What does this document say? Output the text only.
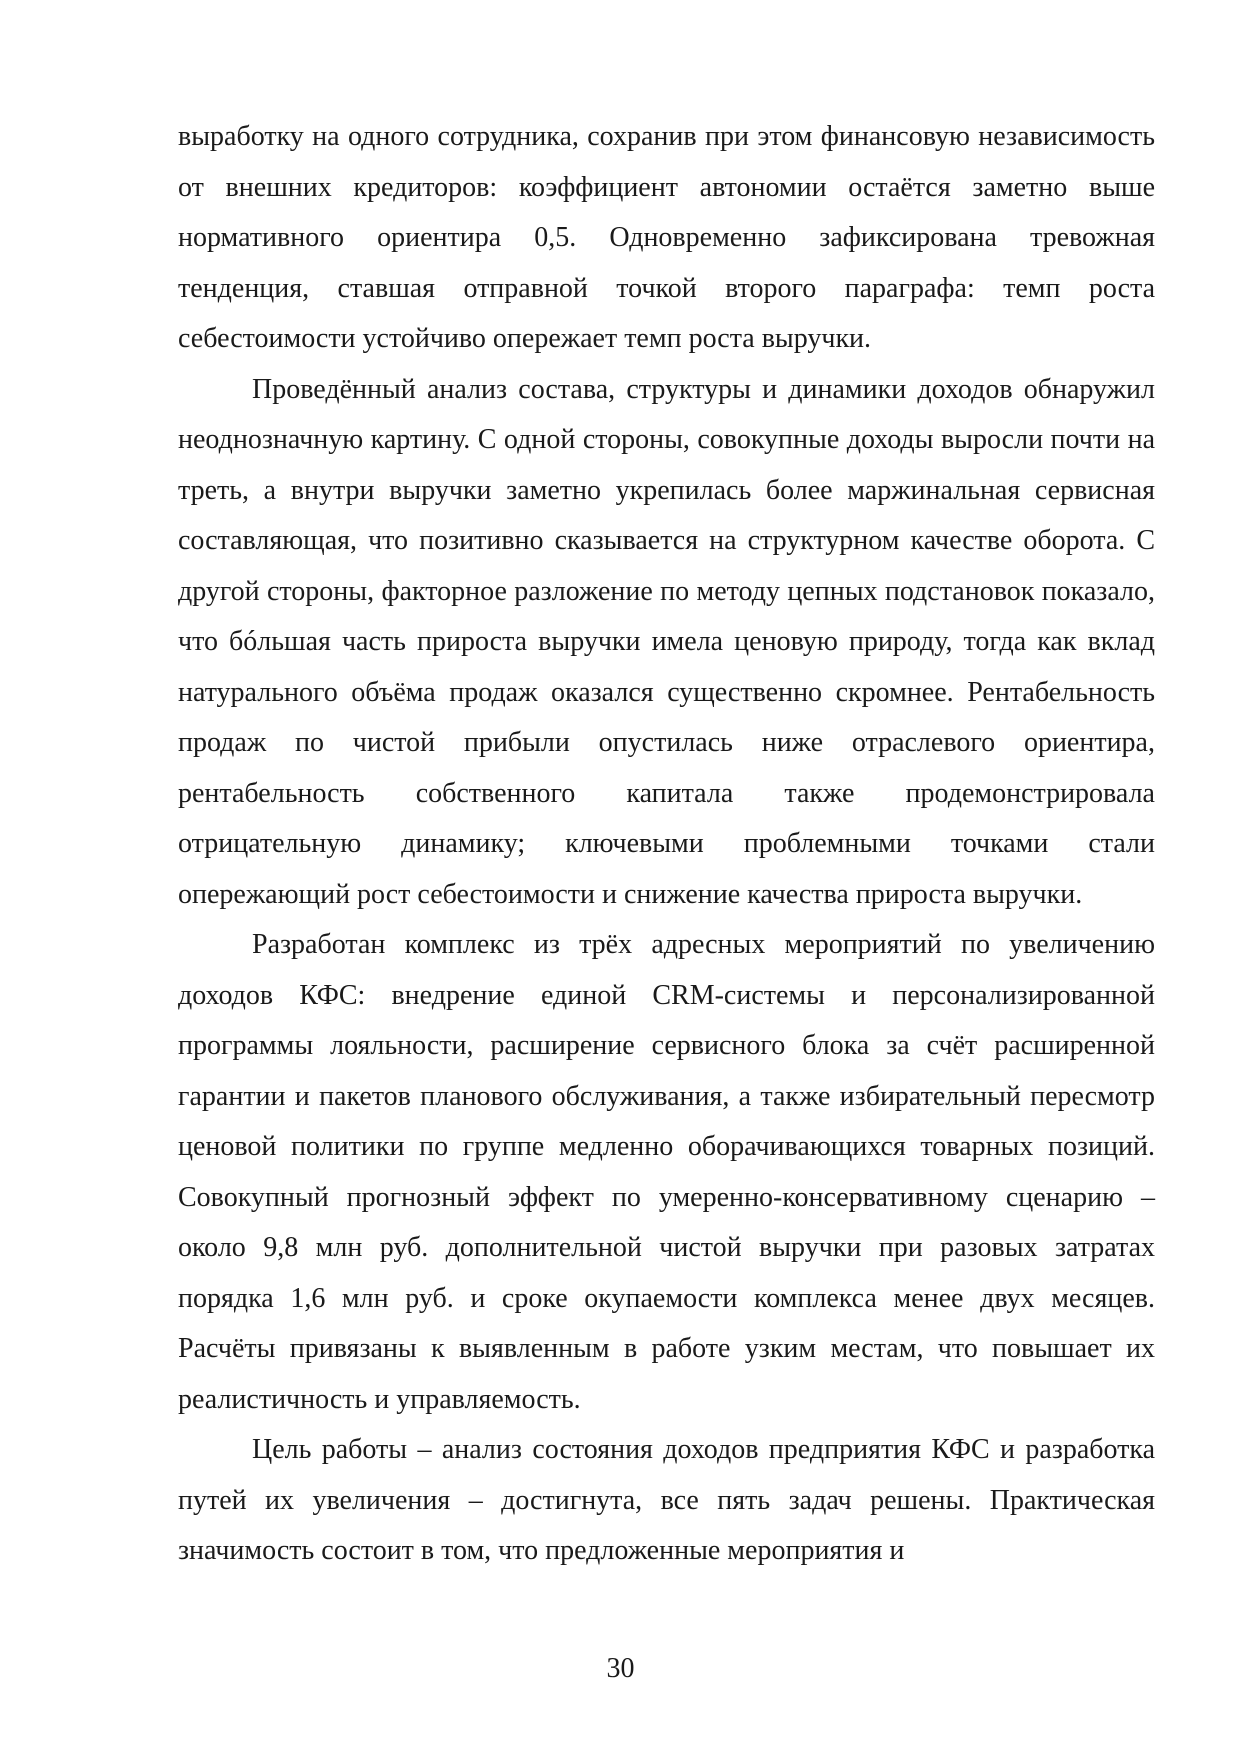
выработку на одного сотрудника, сохранив при этом финансовую независимость от внешних кредиторов: коэффициент автономии остаётся заметно выше нормативного ориентира 0,5. Одновременно зафиксирована тревожная тенденция, ставшая отправной точкой второго параграфа: темп роста себестоимости устойчиво опережает темп роста выручки.

Проведённый анализ состава, структуры и динамики доходов обнаружил неоднозначную картину. С одной стороны, совокупные доходы выросли почти на треть, а внутри выручки заметно укрепилась более маржинальная сервисная составляющая, что позитивно сказывается на структурном качестве оборота. С другой стороны, факторное разложение по методу цепных подстановок показало, что бóльшая часть прироста выручки имела ценовую природу, тогда как вклад натурального объёма продаж оказался существенно скромнее. Рентабельность продаж по чистой прибыли опустилась ниже отраслевого ориентира, рентабельность собственного капитала также продемонстрировала отрицательную динамику; ключевыми проблемными точками стали опережающий рост себестоимости и снижение качества прироста выручки.

Разработан комплекс из трёх адресных мероприятий по увеличению доходов КФС: внедрение единой CRM-системы и персонализированной программы лояльности, расширение сервисного блока за счёт расширенной гарантии и пакетов планового обслуживания, а также избирательный пересмотр ценовой политики по группе медленно оборачивающихся товарных позиций. Совокупный прогнозный эффект по умеренно-консервативному сценарию – около 9,8 млн руб. дополнительной чистой выручки при разовых затратах порядка 1,6 млн руб. и сроке окупаемости комплекса менее двух месяцев. Расчёты привязаны к выявленным в работе узким местам, что повышает их реалистичность и управляемость.

Цель работы – анализ состояния доходов предприятия КФС и разработка путей их увеличения – достигнута, все пять задач решены. Практическая значимость состоит в том, что предложенные мероприятия и

30
